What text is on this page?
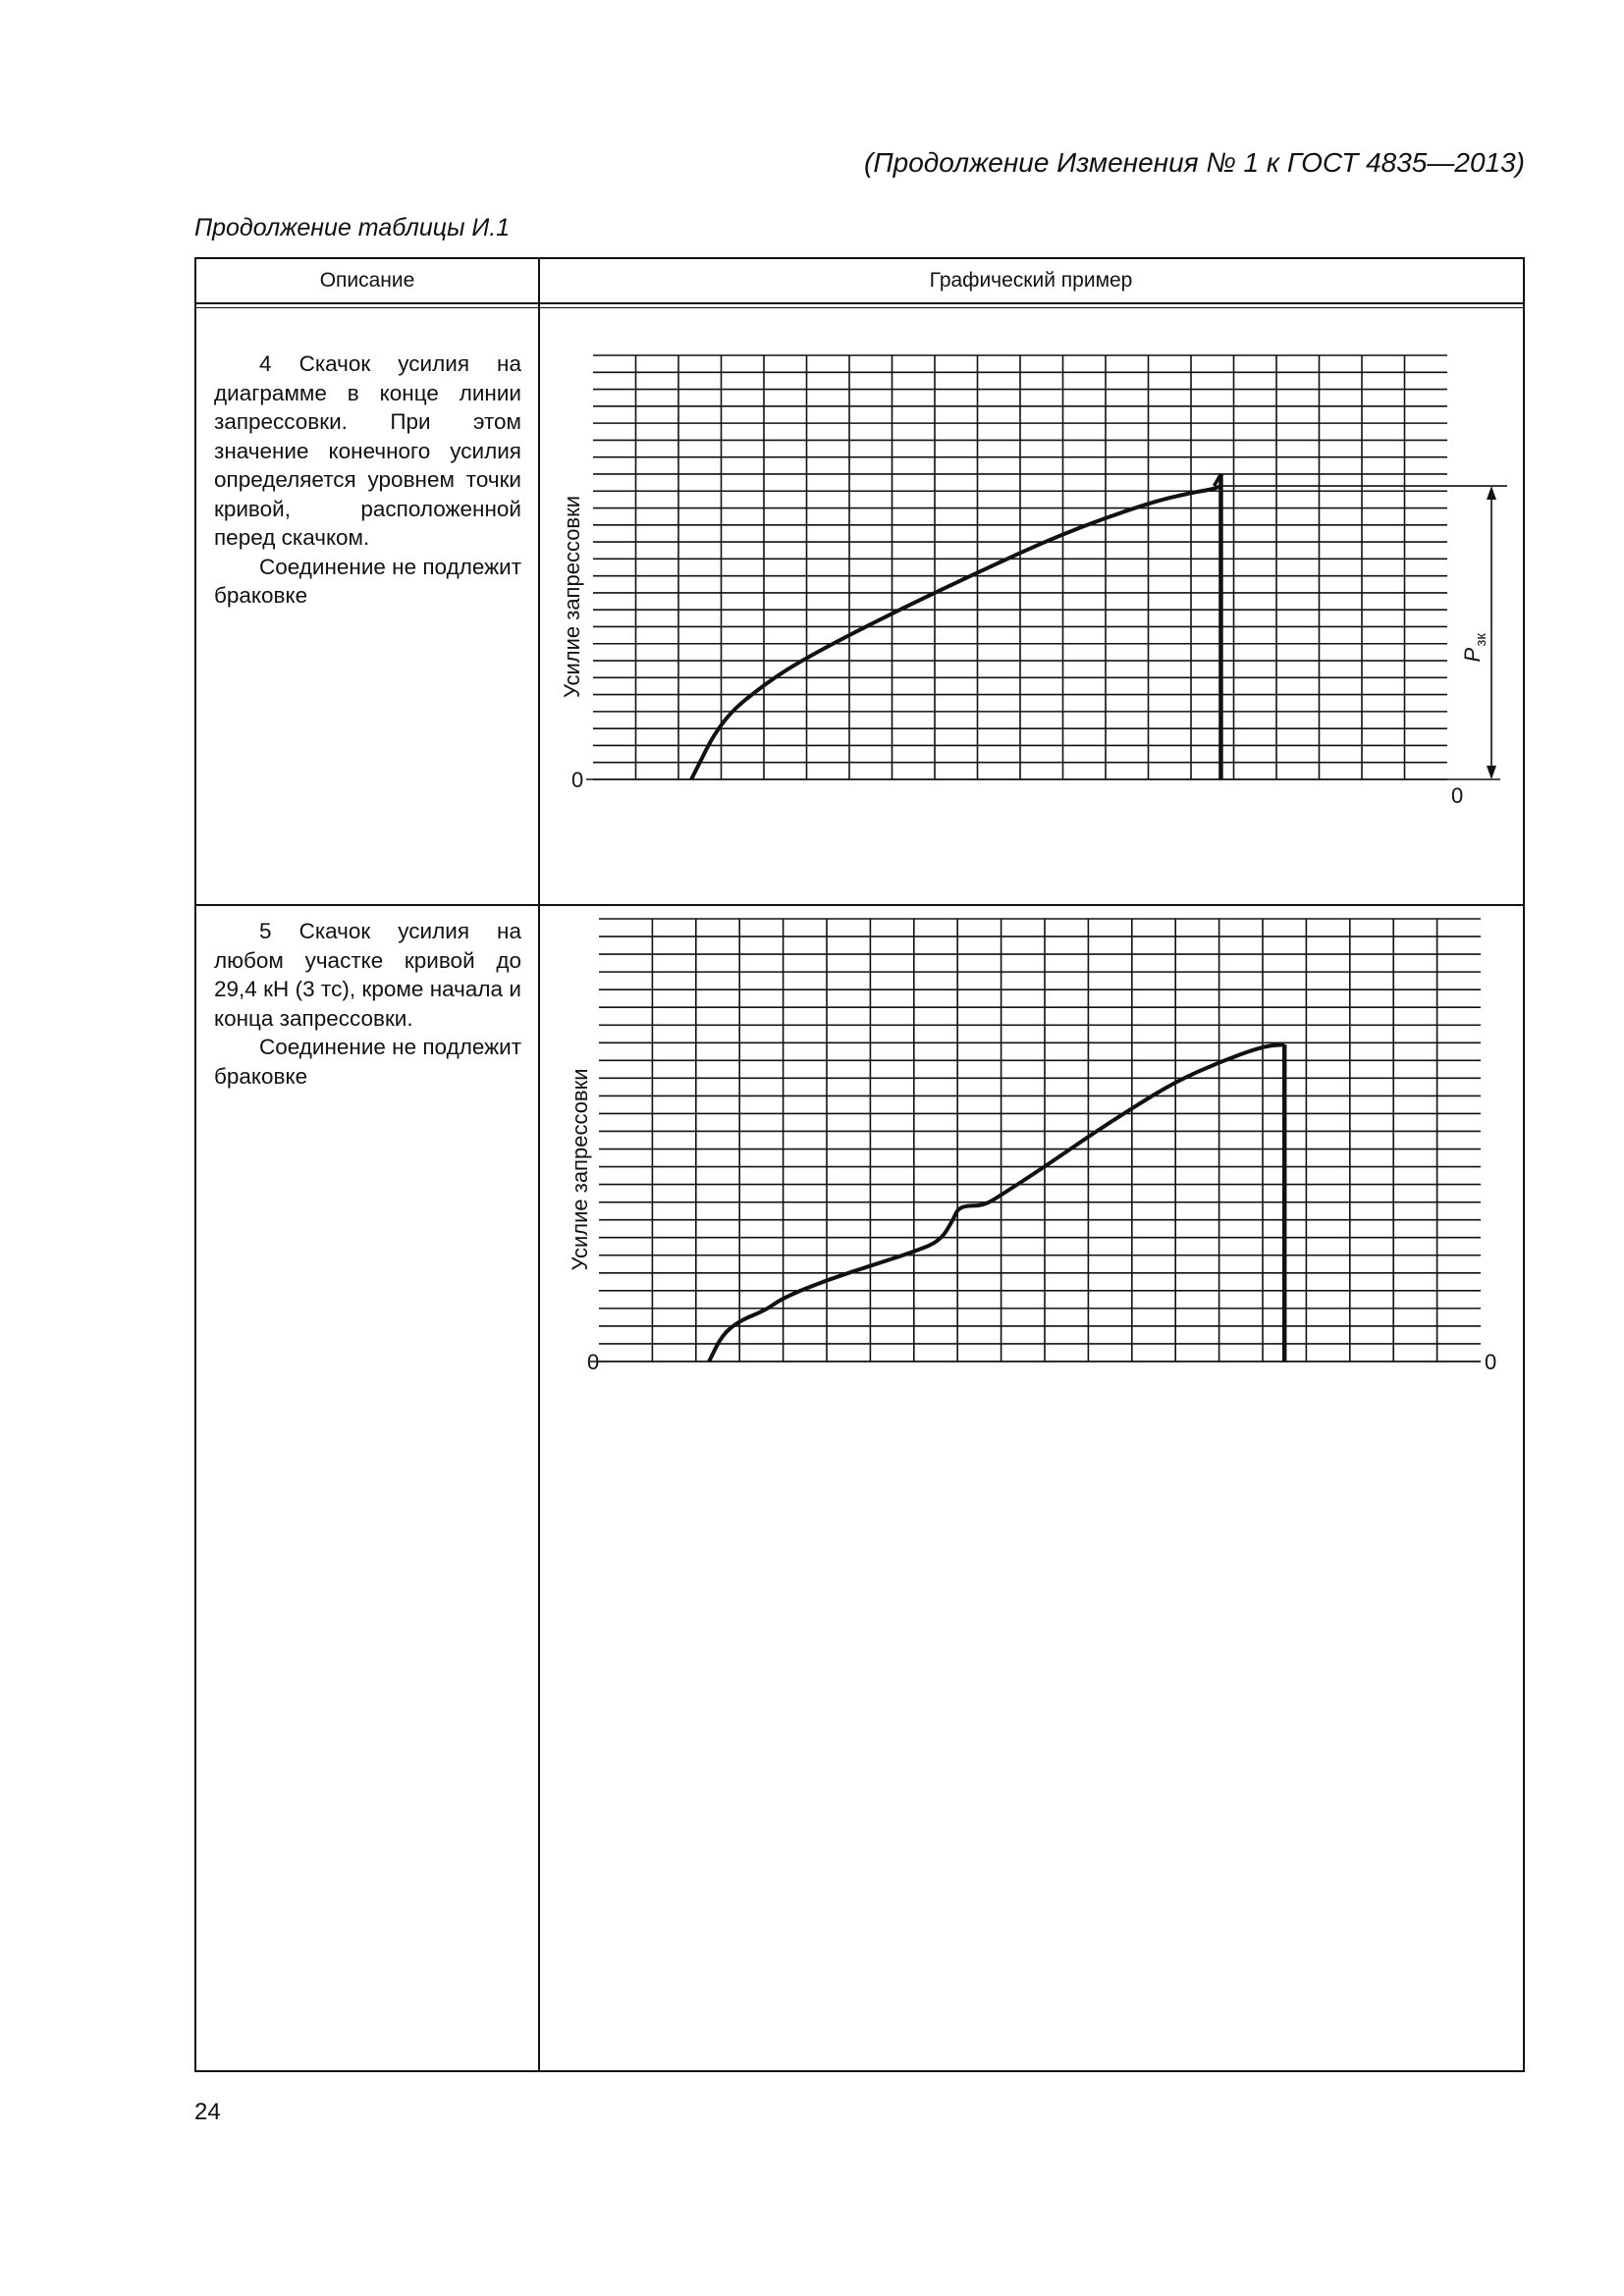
(Продолжение Изменения № 1 к ГОСТ 4835—2013)
Продолжение таблицы И.1
Описание	Графический пример

4 Скачок усилия на диаграмме в конце линии запрессовки. При этом значение конечного усилия определяется уровнем точки кривой, расположенной перед скачком.

Соединение не подлежит браковке

5 Скачок усилия на любом участке кривой до 29,4 кН (3 тс), кроме начала и конца запрессовки.

Соединение не подлежит браковке

Усилие запрессовки
0
0
P
зк
Усилие запрессовки
0	0
24
